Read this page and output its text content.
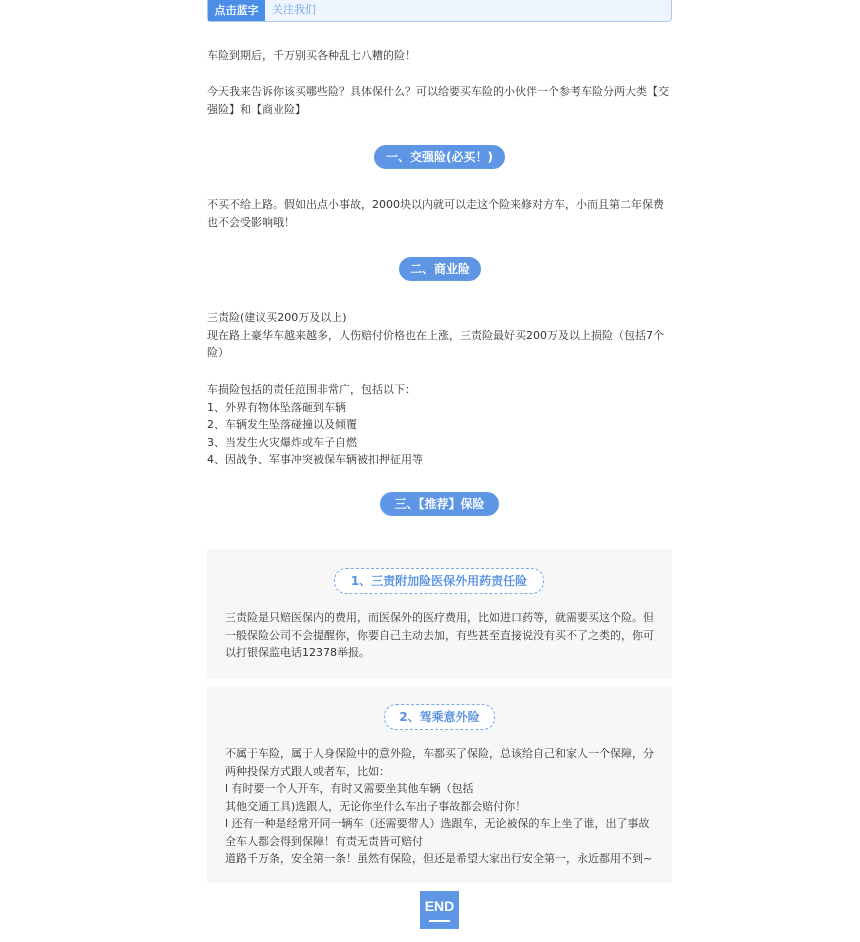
点击蓝字	关注我们

车险到期后，千万别买各种乱七八糟的险！

今天我来告诉你该买哪些险？具体保什么？可以给要买车险的小伙伴一个参考车险分两大类【交强险】和【商业险】

一、交强险(必买！)

不买不给上路。假如出点小事故，2000块以内就可以走这个险来修对方车，小而且第二年保费也不会受影响哦！

二、商业险

三责险(建议买200万及以上)
现在路上豪华车越来越多，人伤赔付价格也在上涨，三责险最好买200万及以上损险（包括7个险）

车损险包括的责任范围非常广，包括以下：
1、外界有物体坠落砸到车辆
2、车辆发生坠落碰撞以及倾覆
3、当发生火灾爆炸或车子自燃
4、因战争、军事冲突被保车辆被扣押征用等

三、【推荐】保险
1、三责附加险医保外用药责任险

三责险是只赔医保内的费用，而医保外的医疗费用，比如进口药等，就需要买这个险。但一般保险公司不会提醒你，你要自己主动去加，有些甚至直接说没有买不了之类的，你可以打银保监电话12378举报。

2、驾乘意外险

不属于车险，属于人身保险中的意外险，车都买了保险，总该给自己和家人一个保障，分两种投保方式跟人或者车，比如：
l 有时要一个人开车，有时又需要坐其他车辆（包括
其他交通工具)选跟人，无论你坐什么车出子事故都会赔付你！
l 还有一种是经常开同一辆车（还需要带人）选跟车，无论被保的车上坐了谁，出了事故全车人都会得到保障！有责无责皆可赔付
道路千万条，安全第一条！虽然有保险，但还是希望大家出行安全第一，永近都用不到~

END
